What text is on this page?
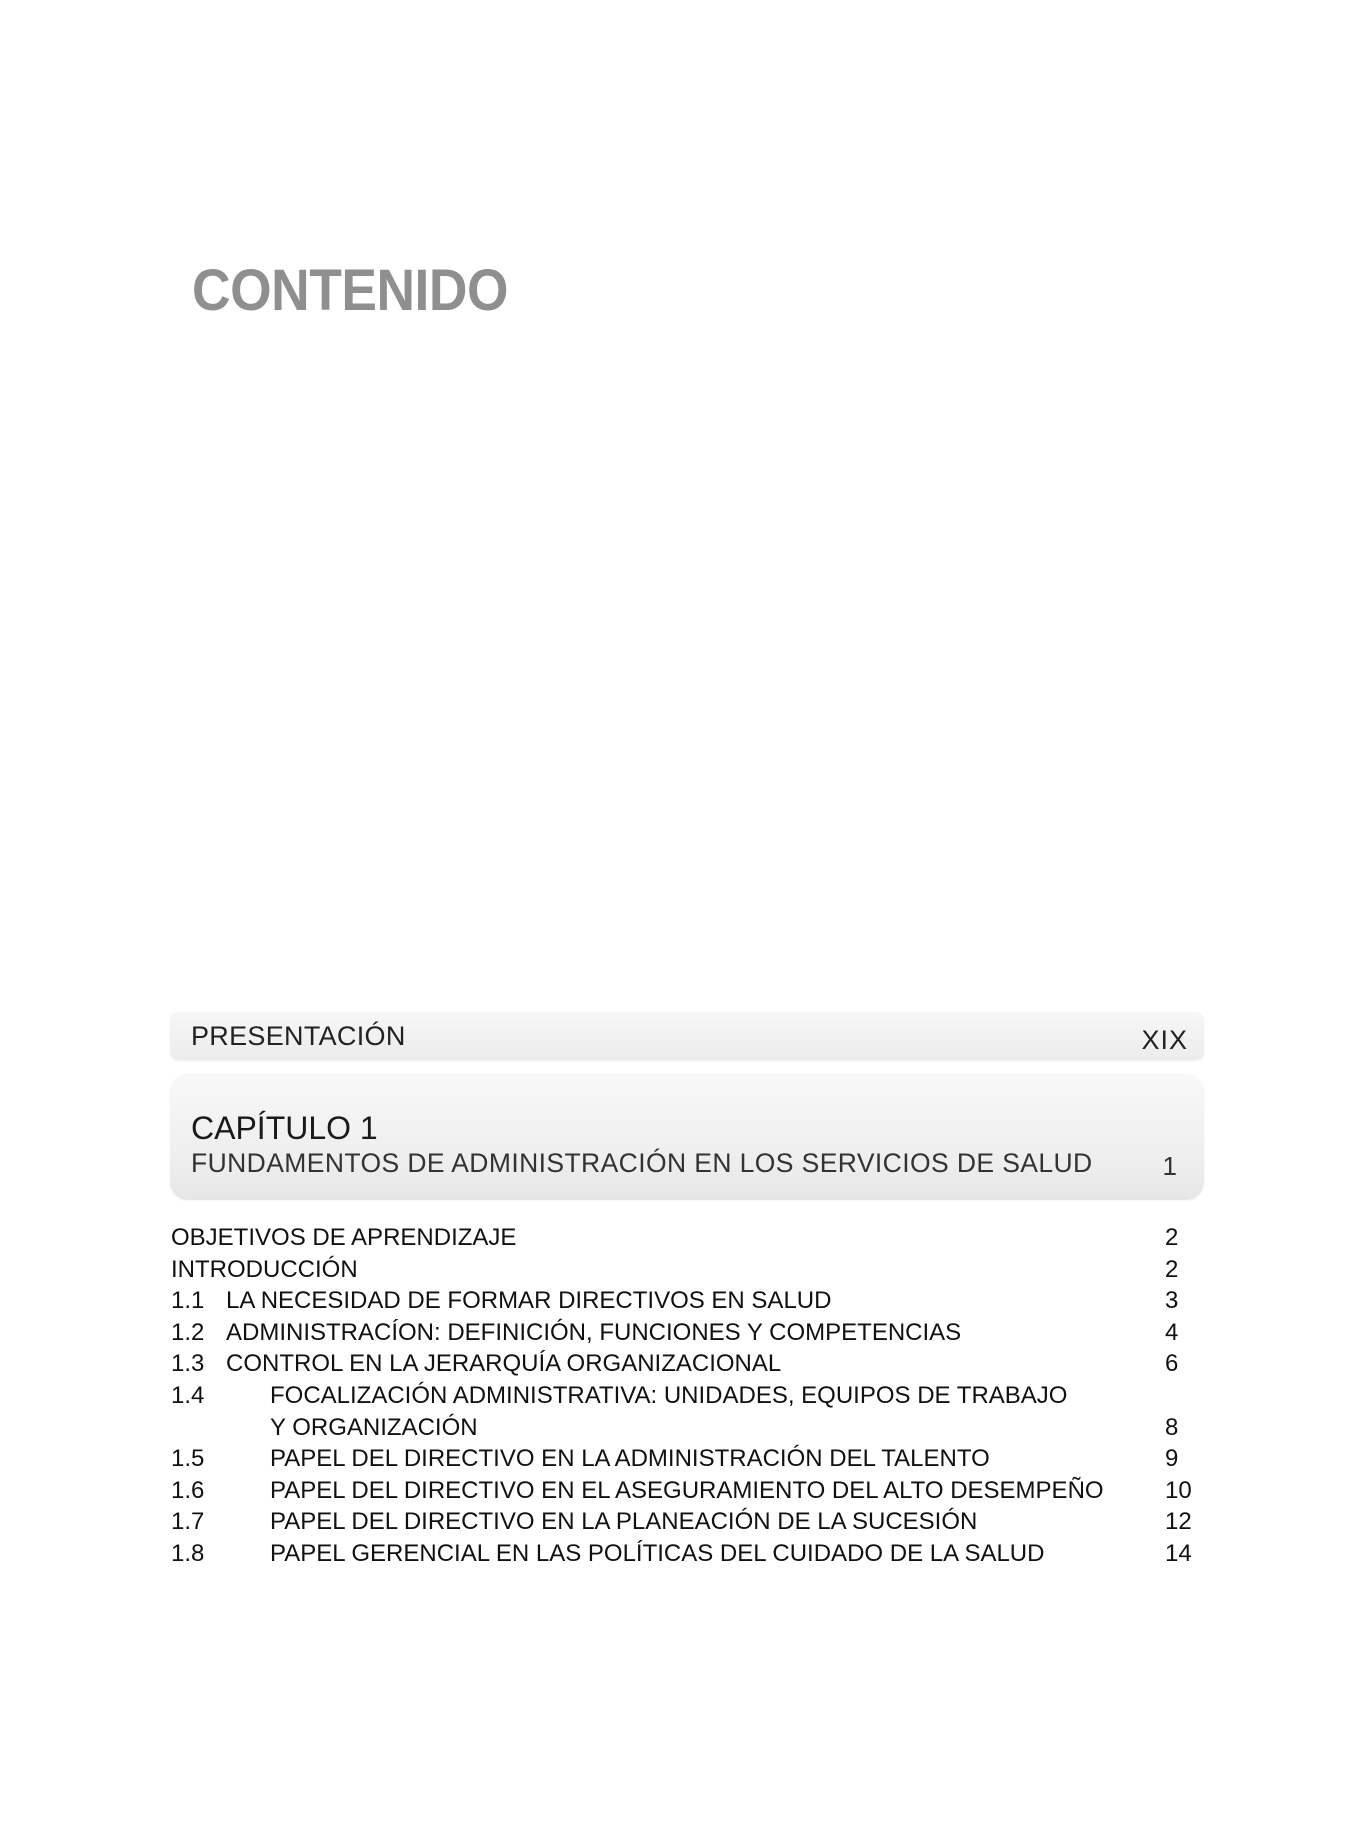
CONTENIDO
PRESENTACIÓN	XIX
CAPÍTULO 1
FUNDAMENTOS DE ADMINISTRACIÓN EN LOS SERVICIOS DE SALUD	1
OBJETIVOS DE APRENDIZAJE	2
INTRODUCCIÓN	2
1.1 LA NECESIDAD DE FORMAR DIRECTIVOS EN SALUD	3
1.2 ADMINISTRACÍON: DEFINICIÓN, FUNCIONES Y COMPETENCIAS	4
1.3 CONTROL EN LA JERARQUÍA ORGANIZACIONAL	6
1.4	FOCALIZACIÓN ADMINISTRATIVA: UNIDADES, EQUIPOS DE TRABAJO
Y ORGANIZACIÓN	8
1.5	PAPEL DEL DIRECTIVO EN LA ADMINISTRACIÓN DEL TALENTO	9
1.6	PAPEL DEL DIRECTIVO EN EL ASEGURAMIENTO DEL ALTO DESEMPEÑO	10
1.7	PAPEL DEL DIRECTIVO EN LA PLANEACIÓN DE LA SUCESIÓN	12
1.8	PAPEL GERENCIAL EN LAS POLÍTICAS DEL CUIDADO DE LA SALUD	14
